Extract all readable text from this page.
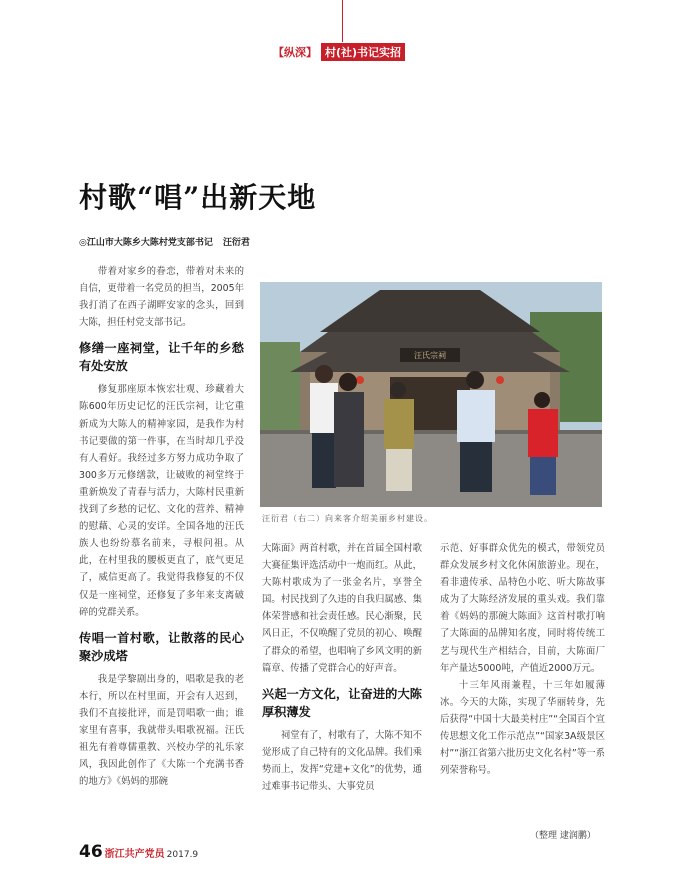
【纵深】 村(社)书记实招
村歌“唱”出新天地
◎江山市大陈乡大陈村党支部书记 汪衍君

带着对家乡的眷恋，带着对未来的自信，更带着一名党员的担当，2005年我打消了在西子湖畔安家的念头，回到大陈，担任村党支部书记。

修缮一座祠堂，让千年的乡愁有处安放

修复那座原本恢宏壮观、珍藏着大陈600年历史记忆的汪氏宗祠，让它重新成为大陈人的精神家园，是我作为村书记要做的第一件事，在当时却几乎没有人看好。我经过多方努力成功争取了300多万元修缮款，让破败的祠堂终于重新焕发了青春与活力，大陈村民重新找到了乡愁的记忆、文化的营养、精神的慰藉、心灵的安详。全国各地的汪氏族人也纷纷慕名前来，寻根问祖。从此，在村里我的腰板更直了，底气更足了，威信更高了。我觉得我修复的不仅仅是一座祠堂，还修复了多年来支离破碎的党群关系。

传唱一首村歌，让散落的民心聚沙成塔

我是学黎剧出身的，唱歌是我的老本行，所以在村里面，开会有人迟到，我们不直接批评，而是罚唱歌一曲；谁家里有喜事，我就带头唱歌祝福。汪氏祖先有着尊儒重教、兴校办学的礼乐家风，我因此创作了《大陈一个充满书香的地方》《妈妈的那碗

汪氏宗祠
汪衍君（右二）向来客介绍美丽乡村建设。

大陈面》两首村歌，并在首届全国村歌大赛征集评选活动中一炮而红。从此，大陈村歌成为了一张金名片，享誉全国。村民找到了久违的自我归属感、集体荣誉感和社会责任感。民心渐聚，民风日正，不仅唤醒了党员的初心、唤醒了群众的希望，也唱响了乡风文明的新篇章、传播了党群合心的好声音。

兴起一方文化，让奋进的大陈厚积薄发

祠堂有了，村歌有了，大陈不知不觉形成了自己特有的文化品牌。我们乘势而上，发挥“党建+文化”的优势，通过难事书记带头、大事党员

示范、好事群众优先的模式，带领党员群众发展乡村文化休闲旅游业。现在，看非遗传承、品特色小吃、听大陈故事成为了大陈经济发展的重头戏。我们靠着《妈妈的那碗大陈面》这首村歌打响了大陈面的品牌知名度，同时将传统工艺与现代生产相结合，目前，大陈面厂年产量达5000吨，产值近2000万元。

十三年风雨兼程，十三年如履薄冰。今天的大陈，实现了华丽转身，先后获得“中国十大最美村庄”“全国百个宣传思想文化工作示范点”“国家3A级景区村”“浙江省第六批历史文化名村”等一系列荣誉称号。

（整理 逮润鹏）
46 浙江共产党员 2017.9
